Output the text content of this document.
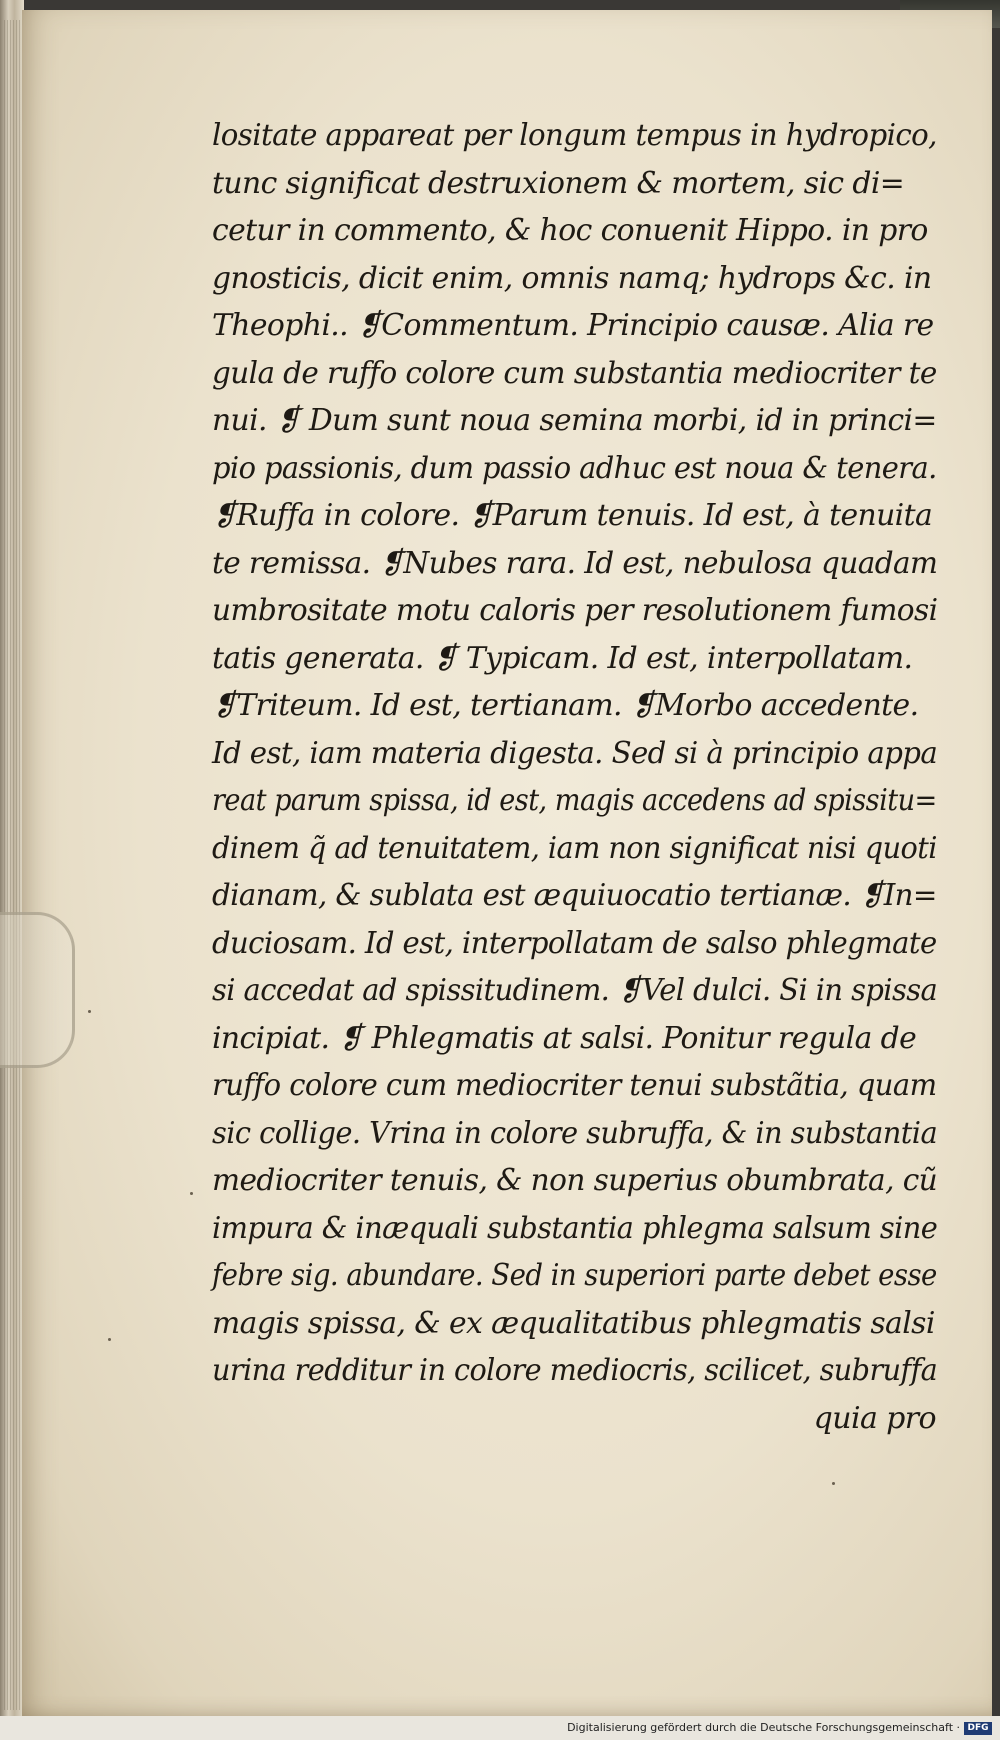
lositate appareat per longum tempus in hydropico,
tunc significat destruxionem & mortem, sic di=
cetur in commento, & hoc conuenit Hippo. in pro
gnosticis, dicit enim, omnis namq; hydrops &c. in
Theophi.. ❡Commentum. Principio causæ. Alia re
gula de ruffo colore cum substantia mediocriter te
nui. ❡ Dum sunt noua semina morbi, id in princi=
pio passionis, dum passio adhuc est noua & tenera.
❡Ruffa in colore. ❡Parum tenuis. Id est, à tenuita
te remissa. ❡Nubes rara. Id est, nebulosa quadam
umbrositate motu caloris per resolutionem fumosi
tatis generata. ❡ Typicam. Id est, interpollatam.
❡Triteum. Id est, tertianam. ❡Morbo accedente.
Id est, iam materia digesta. Sed si à principio appa
reat parum spissa, id est, magis accedens ad spissitu=
dinem q̃ ad tenuitatem, iam non significat nisi quoti
dianam, & sublata est æquiuocatio tertianæ. ❡In=
duciosam. Id est, interpollatam de salso phlegmate
si accedat ad spissitudinem. ❡Vel dulci. Si in spissa
incipiat. ❡ Phlegmatis at salsi. Ponitur regula de
ruffo colore cum mediocriter tenui substãtia, quam
sic collige. Vrina in colore subruffa, & in substantia
mediocriter tenuis, & non superius obumbrata, cũ
impura & inæquali substantia phlegma salsum sine
febre sig. abundare. Sed in superiori parte debet esse
magis spissa, & ex æqualitatibus phlegmatis salsi
urina redditur in colore mediocris, scilicet, subruffa
quia pro
Digitalisierung gefördert durch die Deutsche Forschungsgemeinschaft · DFG
